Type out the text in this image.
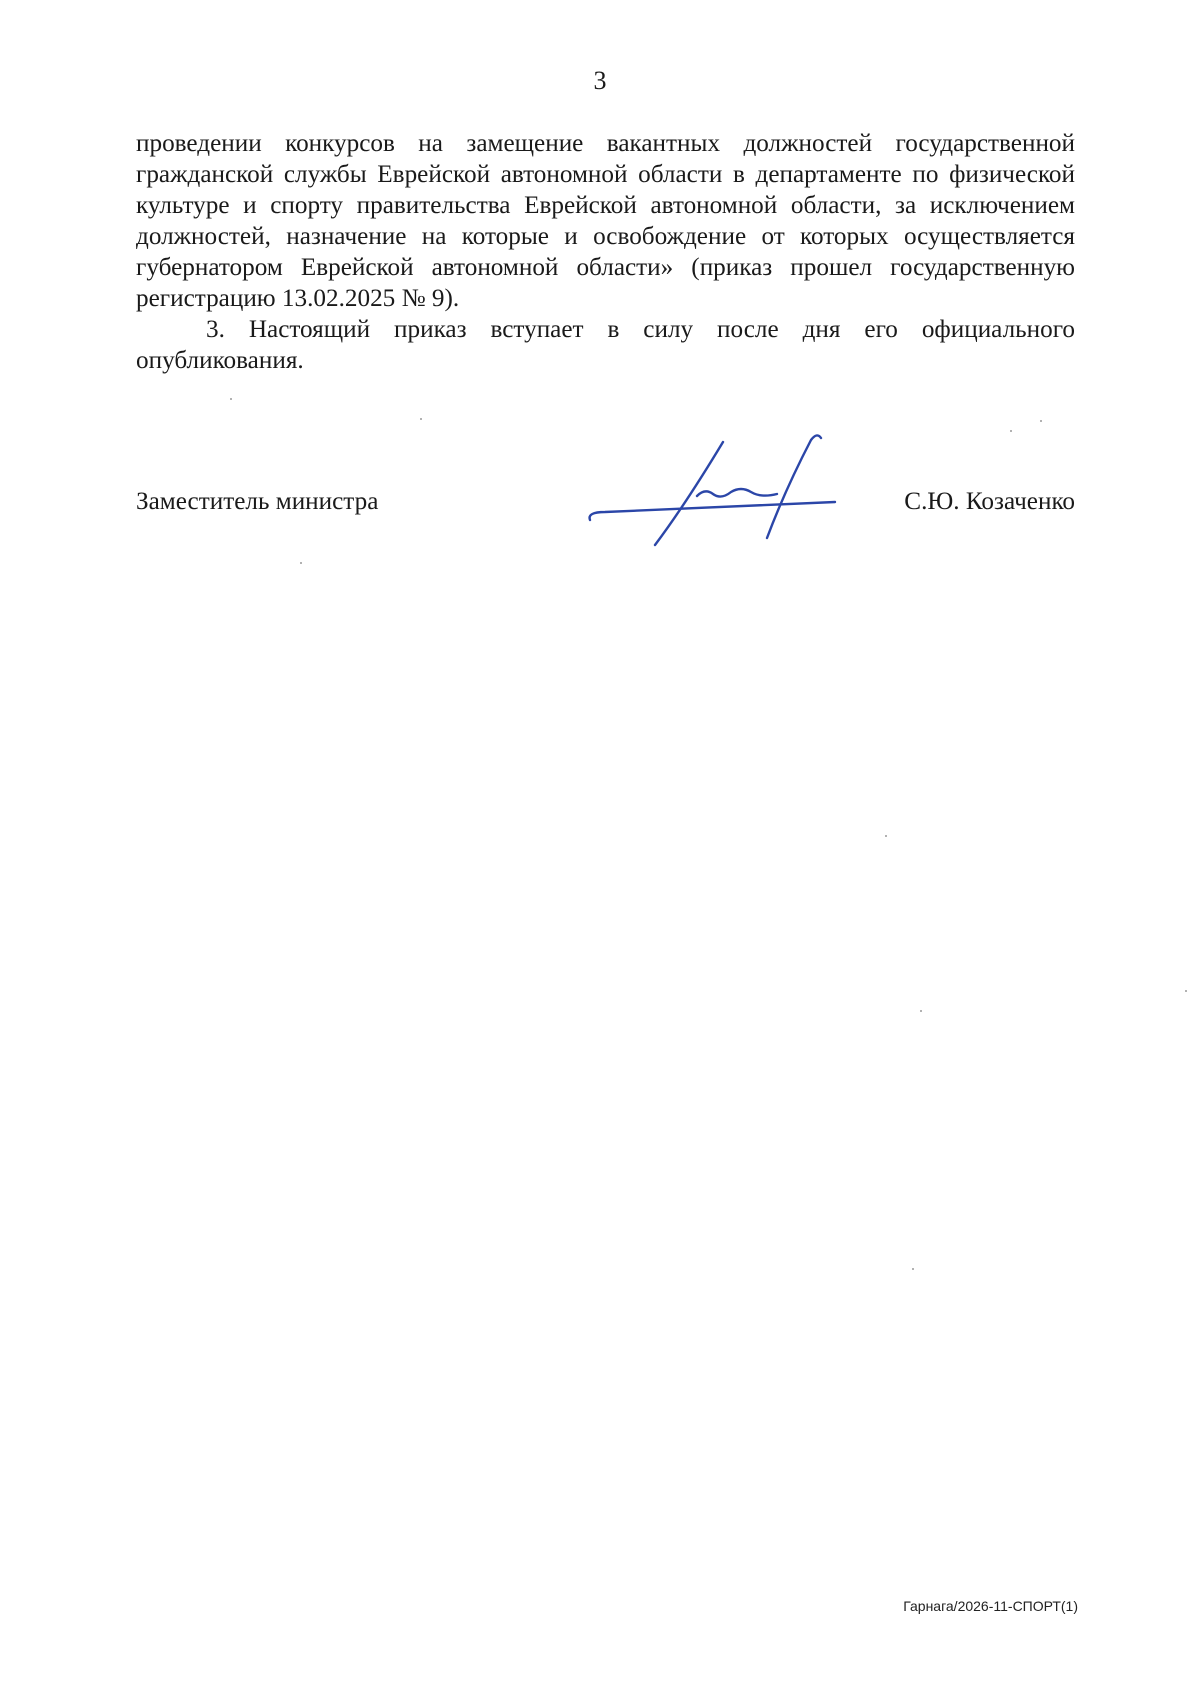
3

проведении конкурсов на замещение вакантных должностей государственной гражданской службы Еврейской автономной области в департаменте по физической культуре и спорту правительства Еврейской автономной области, за исключением должностей, назначение на которые и освобождение от которых осуществляется губернатором Еврейской автономной области» (приказ прошел государственную регистрацию 13.02.2025 № 9).

3. Настоящий приказ вступает в силу после дня его официального опубликования.

Заместитель министра	С.Ю. Козаченко
Гарнага/2026-11-СПОРТ(1)
